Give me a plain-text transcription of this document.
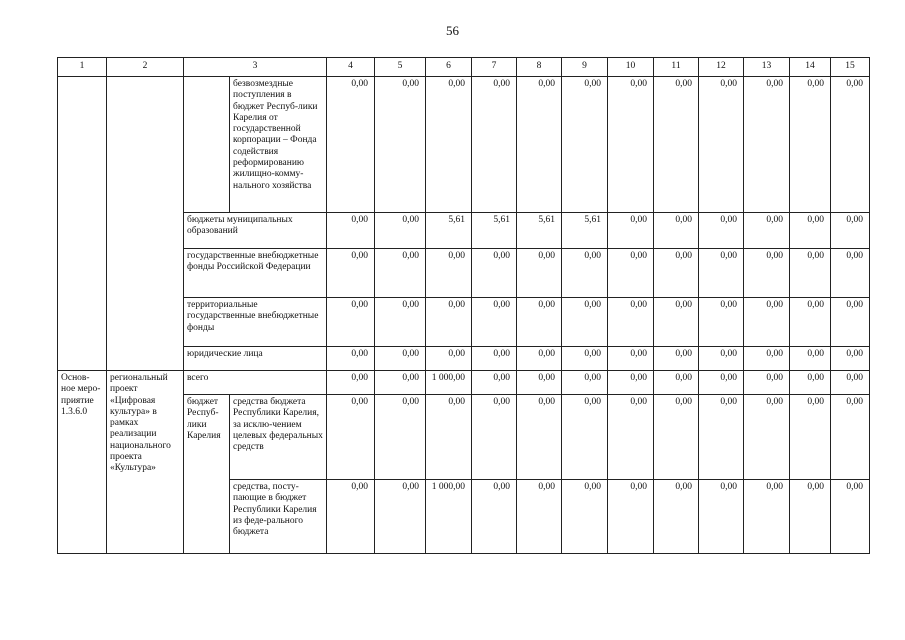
56
1	2	3		4	5	6	7	8	9	10	11	12	13	14	15
			безвозмездные поступления в бюджет Респуб-лики Карелия от государственной корпорации – Фонда содействия реформированию жилищно-комму-нального хозяйства	0,00	0,00	0,00	0,00	0,00	0,00	0,00	0,00	0,00	0,00	0,00	0,00
		бюджеты муниципальных образований		0,00	0,00	5,61	5,61	5,61	5,61	0,00	0,00	0,00	0,00	0,00	0,00
		государственные внебюджетные фонды Российской Федерации		0,00	0,00	0,00	0,00	0,00	0,00	0,00	0,00	0,00	0,00	0,00	0,00
		территориальные государственные внебюджетные фонды		0,00	0,00	0,00	0,00	0,00	0,00	0,00	0,00	0,00	0,00	0,00	0,00
		юридические лица		0,00	0,00	0,00	0,00	0,00	0,00	0,00	0,00	0,00	0,00	0,00	0,00
Основ-ное меро-приятие 1.3.6.0	региональный проект «Цифровая культура» в рамках реализации национального проекта «Культура»	всего		0,00	0,00	1 000,00	0,00	0,00	0,00	0,00	0,00	0,00	0,00	0,00	0,00
		бюджет Респуб-лики Карелия	средства бюджета Республики Карелия, за исклю-чением целевых федеральных средств	0,00	0,00	0,00	0,00	0,00	0,00	0,00	0,00	0,00	0,00	0,00	0,00
			средства, посту-пающие в бюджет Республики Карелия из феде-рального бюджета	0,00	0,00	1 000,00	0,00	0,00	0,00	0,00	0,00	0,00	0,00	0,00	0,00
